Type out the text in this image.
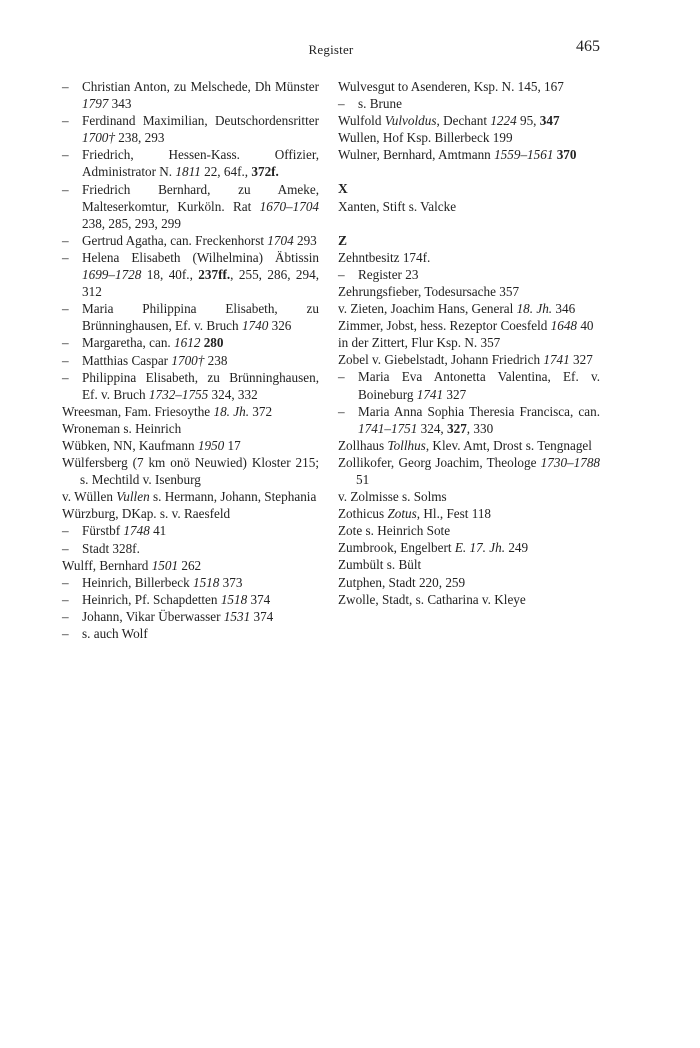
Register	465
– Christian Anton, zu Melschede, Dh Münster 1797 343
– Ferdinand Maximilian, Deutschordensritter 1700† 238, 293
– Friedrich, Hessen-Kass. Offizier, Administrator N. 1811 22, 64f., 372f.
– Friedrich Bernhard, zu Ameke, Malteserkomtur, Kurköln. Rat 1670–1704 238, 285, 293, 299
– Gertrud Agatha, can. Freckenhorst 1704 293
– Helena Elisabeth (Wilhelmina) Äbtissin 1699–1728 18, 40f., 237ff., 255, 286, 294, 312
– Maria Philippina Elisabeth, zu Brünninghausen, Ef. v. Bruch 1740 326
– Margaretha, can. 1612 280
– Matthias Caspar 1700† 238
– Philippina Elisabeth, zu Brünninghausen, Ef. v. Bruch 1732–1755 324, 332
Wreesman, Fam. Friesoythe 18. Jh. 372
Wroneman s. Heinrich
Wübken, NN, Kaufmann 1950 17
Wülfersberg (7 km onö Neuwied) Kloster 215; s. Mechtild v. Isenburg
v. Wüllen Vullen s. Hermann, Johann, Stephania
Würzburg, DKap. s. v. Raesfeld
– Fürstbf 1748 41
– Stadt 328f.
Wulff, Bernhard 1501 262
– Heinrich, Billerbeck 1518 373
– Heinrich, Pf. Schapdetten 1518 374
– Johann, Vikar Überwasser 1531 374
– s. auch Wolf
Wulvesgut to Asenderen, Ksp. N. 145, 167
– s. Brune
Wulfold Vulvoldus, Dechant 1224 95, 347
Wullen, Hof Ksp. Billerbeck 199
Wulner, Bernhard, Amtmann 1559–1561 370
X
Xanten, Stift s. Valcke
Z
Zehntbesitz 174f.
– Register 23
Zehrungsfieber, Todesursache 357
v. Zieten, Joachim Hans, General 18. Jh. 346
Zimmer, Jobst, hess. Rezeptor Coesfeld 1648 40
in der Zittert, Flur Ksp. N. 357
Zobel v. Giebelstadt, Johann Friedrich 1741 327
– Maria Eva Antonetta Valentina, Ef. v. Boineburg 1741 327
– Maria Anna Sophia Theresia Francisca, can. 1741–1751 324, 327, 330
Zollhaus Tollhus, Klev. Amt, Drost s. Tengnagel
Zollikofer, Georg Joachim, Theologe 1730–1788 51
v. Zolmisse s. Solms
Zothicus Zotus, Hl., Fest 118
Zote s. Heinrich Sote
Zumbrook, Engelbert E. 17. Jh. 249
Zumbült s. Bült
Zutphen, Stadt 220, 259
Zwolle, Stadt, s. Catharina v. Kleye
